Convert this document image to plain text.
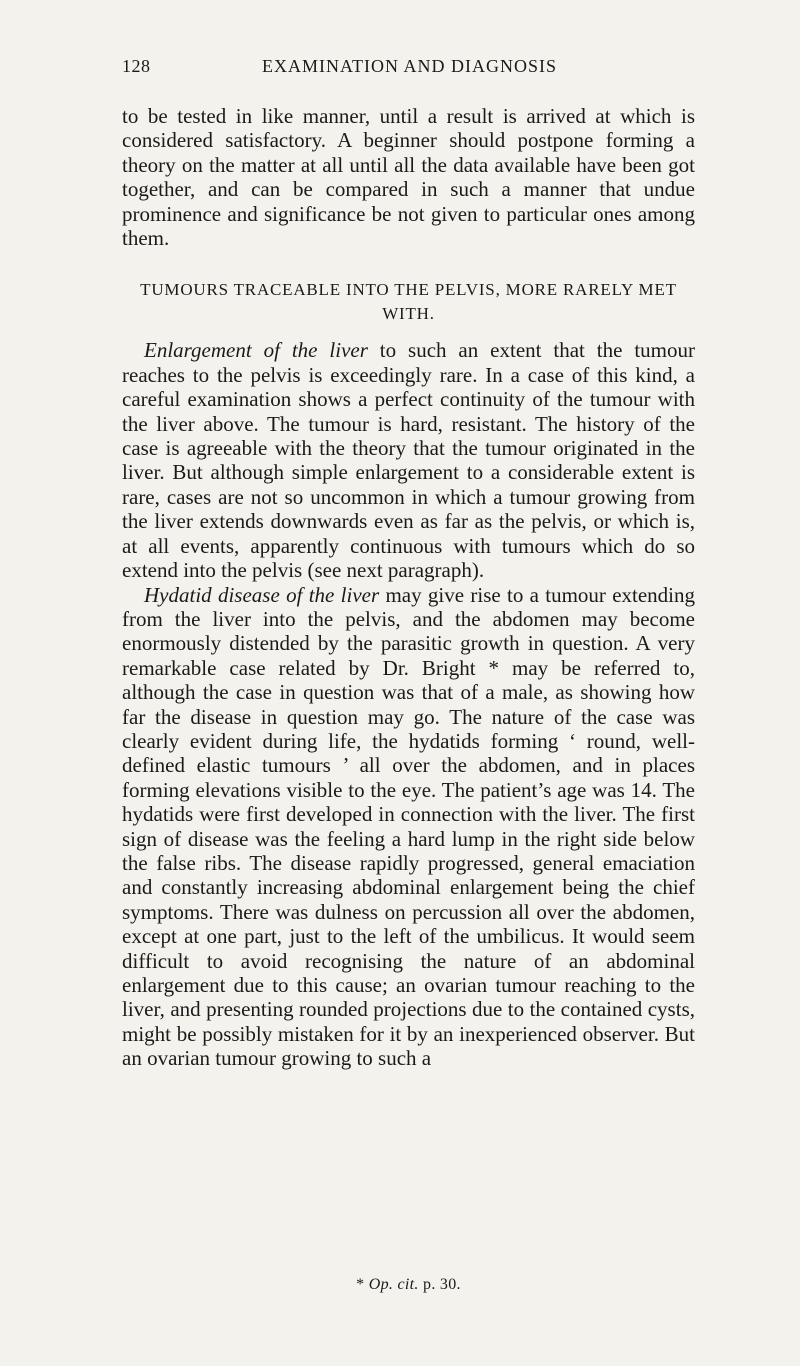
128	EXAMINATION AND DIAGNOSIS

to be tested in like manner, until a result is arrived at which is considered satisfactory. A beginner should postpone forming a theory on the matter at all until all the data available have been got together, and can be compared in such a manner that undue prominence and significance be not given to particular ones among them.

TUMOURS TRACEABLE INTO THE PELVIS, MORE RARELY MET WITH.

Enlargement of the liver to such an extent that the tumour reaches to the pelvis is exceedingly rare. In a case of this kind, a careful examination shows a perfect continuity of the tumour with the liver above. The tumour is hard, resistant. The history of the case is agreeable with the theory that the tumour originated in the liver. But although simple enlargement to a considerable extent is rare, cases are not so uncommon in which a tumour growing from the liver extends downwards even as far as the pelvis, or which is, at all events, apparently continuous with tumours which do so extend into the pelvis (see next paragraph).

Hydatid disease of the liver may give rise to a tumour extending from the liver into the pelvis, and the abdomen may become enormously distended by the parasitic growth in question. A very remarkable case related by Dr. Bright * may be referred to, although the case in question was that of a male, as showing how far the disease in question may go. The nature of the case was clearly evident during life, the hydatids forming ‘ round, well-defined elastic tumours ’ all over the abdomen, and in places forming elevations visible to the eye. The patient’s age was 14. The hydatids were first developed in connection with the liver. The first sign of disease was the feeling a hard lump in the right side below the false ribs. The disease rapidly progressed, general emaciation and constantly increasing abdominal enlargement being the chief symptoms. There was dulness on percussion all over the abdomen, except at one part, just to the left of the umbilicus. It would seem difficult to avoid recognising the nature of an abdominal enlargement due to this cause; an ovarian tumour reaching to the liver, and presenting rounded projections due to the contained cysts, might be possibly mistaken for it by an inexperienced observer. But an ovarian tumour growing to such a

* Op. cit. p. 30.
